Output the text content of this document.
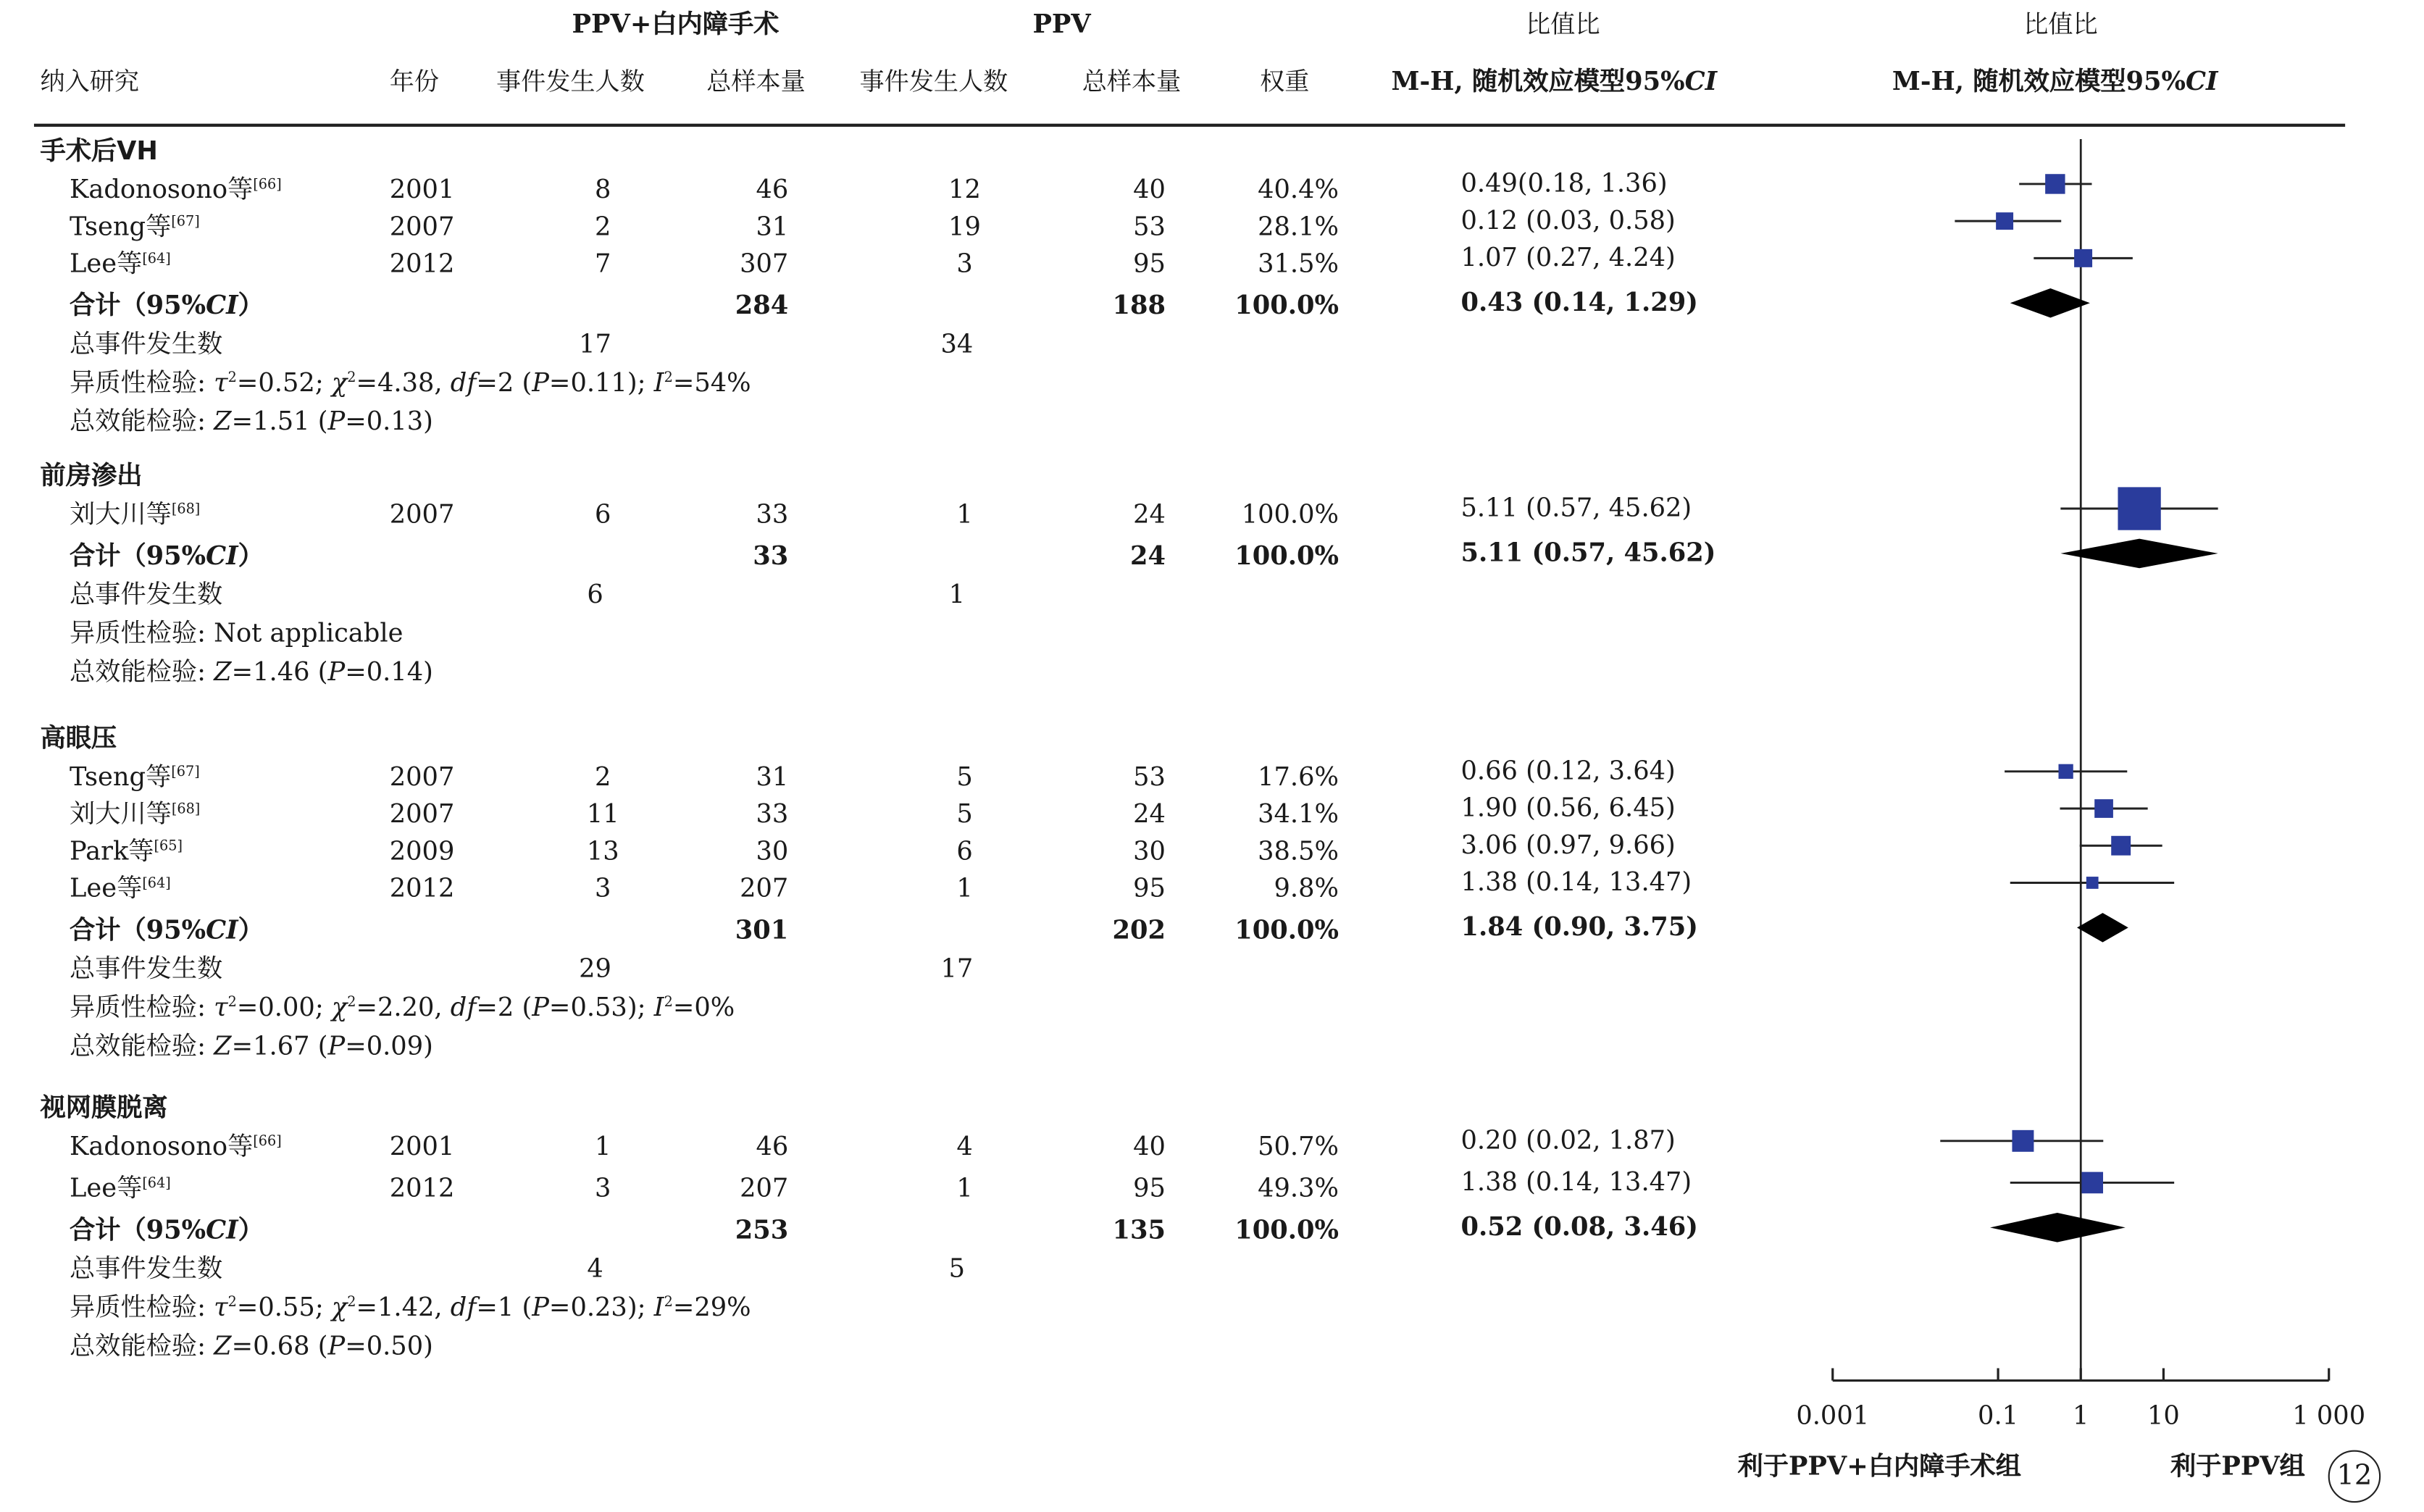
PPV+白内障手术	PPV	比值比	比值比
纳入研究	年份	事件发生人数	总样本量	事件发生人数	总样本量	权重	M-H, 随机效应模型95%CI	M-H, 随机效应模型95%CI
手术后VH
Kadonosono等[66]	2001	8	46	12	40	40.4%	0.49(0.18, 1.36)
Tseng等[67]	2007	2	31	19	53	28.1%	0.12 (0.03, 0.58)
Lee等[64]	2012	7	307	3	95	31.5%	1.07 (0.27, 4.24)
合计（95%CI）	284	188	100.0%	0.43 (0.14, 1.29)
总事件发生数	17	34
异质性检验: $\tau^2=0.52$; $\chi^2=4.38$, df=2 (P=0.11); $I^2=54\%$
总效能检验: Z=1.51 (P=0.13)
前房渗出
刘大川等[68]	2007	6	33	1	24	100.0%	5.11 (0.57, 45.62)
合计（95%CI）	33	24	100.0%	5.11 (0.57, 45.62)
总事件发生数	6	1
异质性检验: Not applicable
总效能检验: Z=1.46 (P=0.14)
高眼压
Tseng等[67]	2007	2	31	5	53	17.6%	0.66 (0.12, 3.64)
刘大川等[68]	2007	11	33	5	24	34.1%	1.90 (0.56, 6.45)
Park等[65]	2009	13	30	6	30	38.5%	3.06 (0.97, 9.66)
Lee等[64]	2012	3	207	1	95	9.8%	1.38 (0.14, 13.47)
合计（95%CI）	301	202	100.0%	1.84 (0.90, 3.75)
总事件发生数	29	17
异质性检验: $\tau^2=0.00$; $\chi^2=2.20$, df=2 (P=0.53); $I^2=0\%$
总效能检验: Z=1.67 (P=0.09)
视网膜脱离
Kadonosono等[66]	2001	1	46	4	40	50.7%	0.20 (0.02, 1.87)
Lee等[64]	2012	3	207	1	95	49.3%	1.38 (0.14, 13.47)
合计（95%CI）	253	135	100.0%	0.52 (0.08, 3.46)
总事件发生数	4	5
异质性检验: $\tau^2=0.55$; $\chi^2=1.42$, df=1 (P=0.23); $I^2=29\%$
总效能检验: Z=0.68 (P=0.50)
0.001	0.1	1	10	1 000
利于PPV+白内障手术组	利于PPV组	12
